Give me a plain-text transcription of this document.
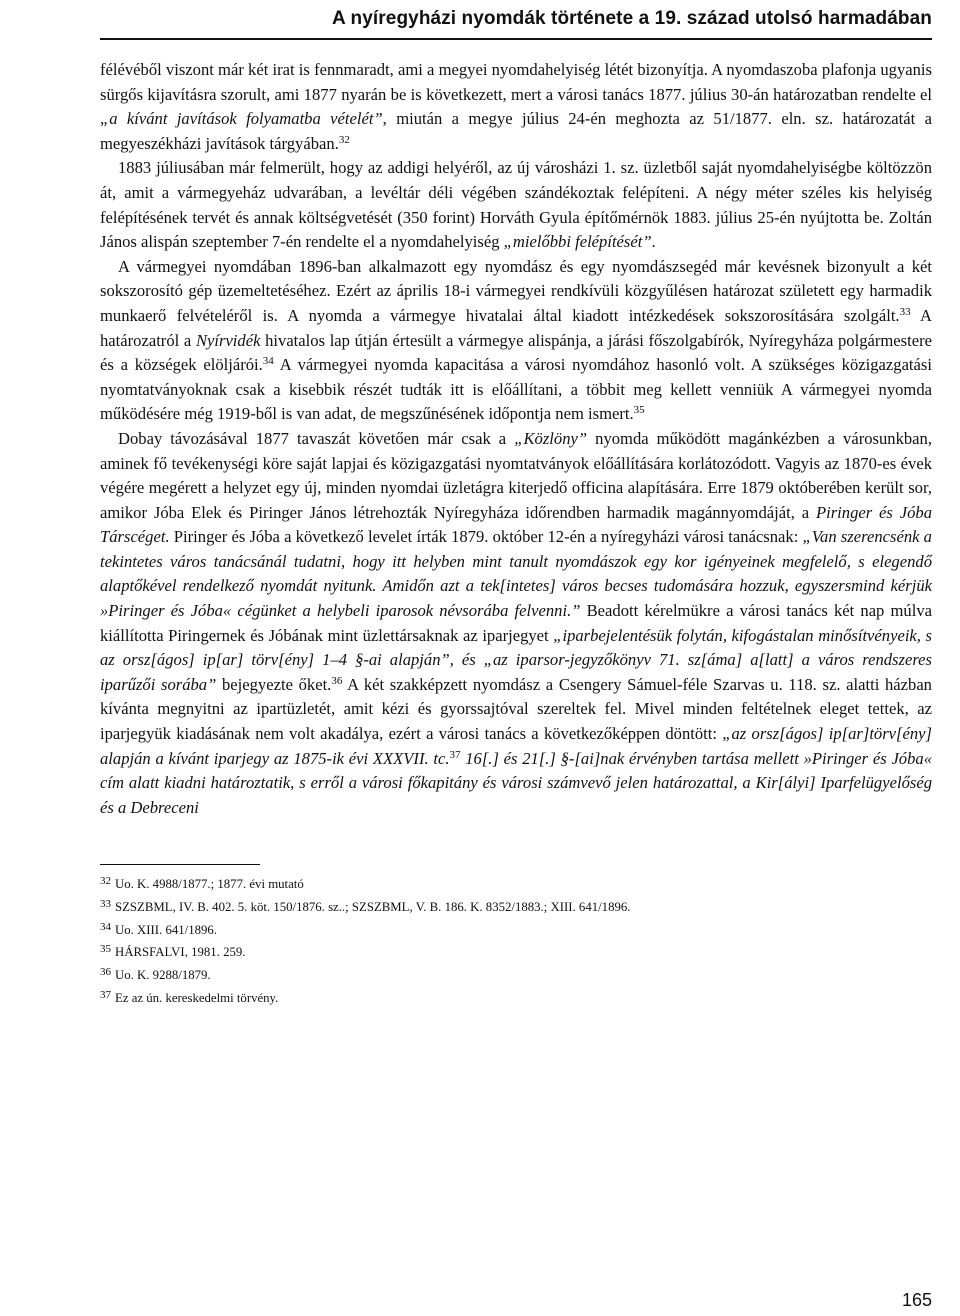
A nyíregyházi nyomdák története a 19. század utolsó harmadában

félévéből viszont már két irat is fennmaradt, ami a megyei nyomdahelyiség létét bizonyítja. A nyomdaszoba plafonja ugyanis sürgős kijavításra szorult, ami 1877 nyarán be is következett, mert a városi tanács 1877. július 30-án határozatban rendelte el „a kívánt javítások folyamatba vételét”, miután a megye július 24-én meghozta az 51/1877. eln. sz. határozatát a megyeszékházi javítások tárgyában.$^{32}$

1883 júliusában már felmerült, hogy az addigi helyéről, az új városházi 1. sz. üzletből saját nyomdahelyiségbe költözzön át, amit a vármegyeház udvarában, a levéltár déli végében szándékoztak felépíteni. A négy méter széles kis helyiség felépítésének tervét és annak költségvetését (350 forint) Horváth Gyula építőmérnök 1883. július 25-én nyújtotta be. Zoltán János alispán szeptember 7-én rendelte el a nyomdahelyiség „mielőbbi felépítését”.

A vármegyei nyomdában 1896-ban alkalmazott egy nyomdász és egy nyomdászsegéd már kevésnek bizonyult a két sokszorosító gép üzemeltetéséhez. Ezért az április 18-i vármegyei rendkívüli közgyűlésen határozat született egy harmadik munkaerő felvételéről is. A nyomda a vármegye hivatalai által kiadott intézkedések sokszorosítására szolgált.$^{33}$ A határozatról a Nyírvidék hivatalos lap útján értesült a vármegye alispánja, a járási főszolgabírók, Nyíregyháza polgármestere és a községek elöljárói.$^{34}$ A vármegyei nyomda kapacitása a városi nyomdához hasonló volt. A szükséges közigazgatási nyomtatványoknak csak a kisebbik részét tudták itt is előállítani, a többit meg kellett venniük A vármegyei nyomda működésére még 1919-ből is van adat, de megszűnésének időpontja nem ismert.$^{35}$

Dobay távozásával 1877 tavaszát követően már csak a „Közlöny” nyomda működött magánkézben a városunkban, aminek fő tevékenységi köre saját lapjai és közigazgatási nyomtatványok előállítására korlátozódott. Vagyis az 1870-es évek végére megérett a helyzet egy új, minden nyomdai üzletágra kiterjedő officina alapítására. Erre 1879 októberében került sor, amikor Jóba Elek és Piringer János létrehozták Nyíregyháza időrendben harmadik magánnyomdáját, a Piringer és Jóba Társcéget. Piringer és Jóba a következő levelet írták 1879. október 12-én a nyíregyházi városi tanácsnak: „Van szerencsénk a tekintetes város tanácsánál tudatni, hogy itt helyben mint tanult nyomdászok egy kor igényeinek megfelelő, s elegendő alaptőkével rendelkező nyomdát nyitunk. Amidőn azt a tek[intetes] város becses tudomására hozzuk, egyszersmind kérjük »Piringer és Jóba« cégünket a helybeli iparosok névsorába felvenni.” Beadott kérelmükre a városi tanács két nap múlva kiállította Piringernek és Jóbának mint üzlettársaknak az iparjegyet „iparbejelentésük folytán, kifogástalan minősítvényeik, s az orsz[ágos] ip[ar] törv[ény] 1–4 §-ai alapján”, és „az iparsor-jegyzőkönyv 71. sz[áma] a[latt] a város rendszeres iparűzői sorába” bejegyezte őket.$^{36}$ A két szakképzett nyomdász a Csengery Sámuel-féle Szarvas u. 118. sz. alatti házban kívánta megnyitni az ipartüzletét, amit kézi és gyorssajtóval szereltek fel. Mivel minden feltételnek eleget tettek, az iparjegyük kiadásának nem volt akadálya, ezért a városi tanács a következőképpen döntött: „az orsz[ágos] ip[ar]törv[ény] alapján a kívánt iparjegy az 1875-ik évi XXXVII. tc.$^{37}$ 16[.] és 21[.] §-[ai]nak érvényben tartása mellett »Piringer és Jóba« cím alatt kiadni határoztatik, s erről a városi főkapitány és városi számvevő jelen határozattal, a Kir[ályi] Iparfelügyelőség és a Debreceni

32 Uo. K. 4988/1877.; 1877. évi mutató
33 SZSZBML, IV. B. 402. 5. köt. 150/1876. sz..; SZSZBML, V. B. 186. K. 8352/1883.; XIII. 641/1896.
34 Uo. XIII. 641/1896.
35 HÁRSFALVI, 1981. 259.
36 Uo. K. 9288/1879.
37 Ez az ún. kereskedelmi törvény.
165
